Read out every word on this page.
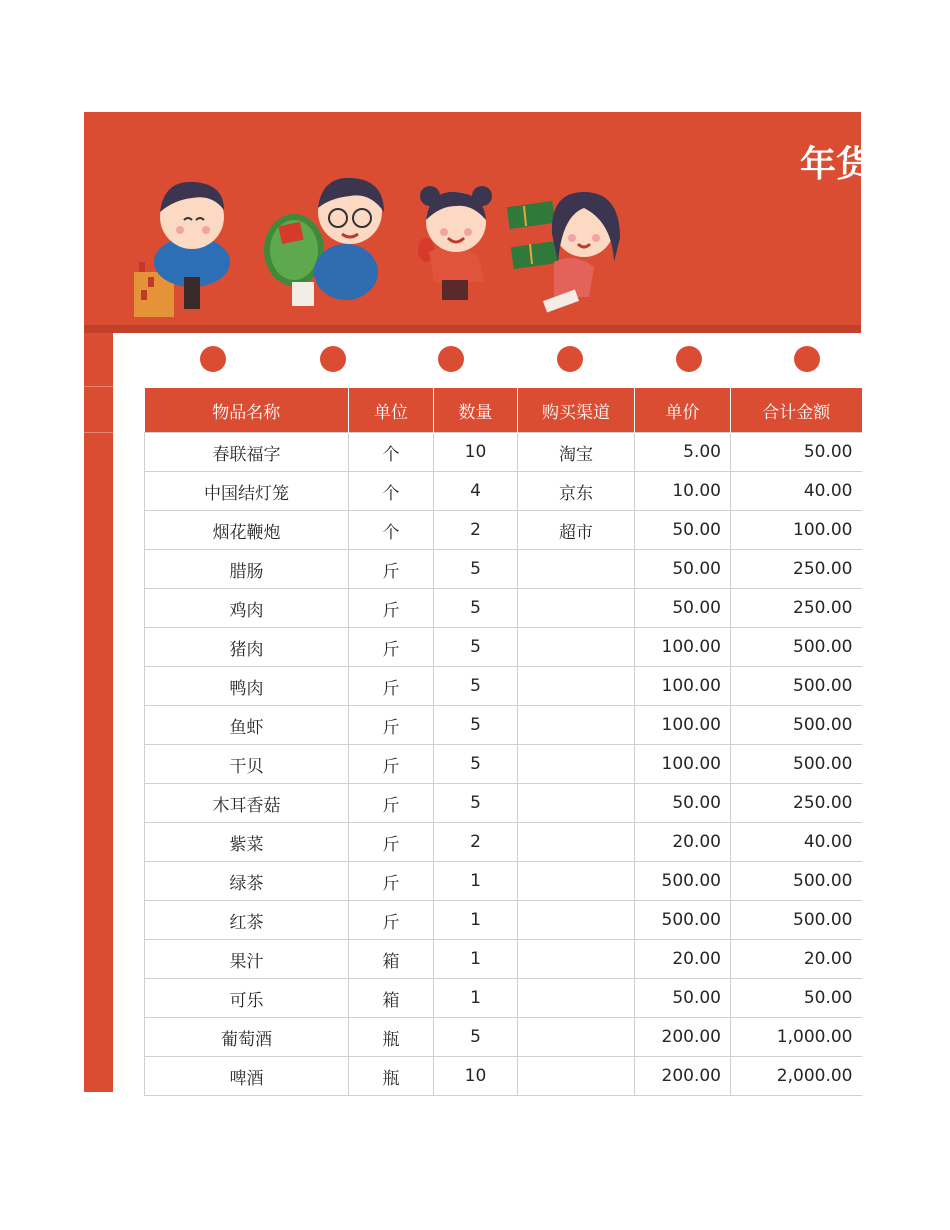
年货
物品名称	单位	数量	购买渠道	单价	合计金额
春联福字	个	10	淘宝	5.00	50.00
中国结灯笼	个	4	京东	10.00	40.00
烟花鞭炮	个	2	超市	50.00	100.00
腊肠	斤	5		50.00	250.00
鸡肉	斤	5		50.00	250.00
猪肉	斤	5		100.00	500.00
鸭肉	斤	5		100.00	500.00
鱼虾	斤	5		100.00	500.00
干贝	斤	5		100.00	500.00
木耳香菇	斤	5		50.00	250.00
紫菜	斤	2		20.00	40.00
绿茶	斤	1		500.00	500.00
红茶	斤	1		500.00	500.00
果汁	箱	1		20.00	20.00
可乐	箱	1		50.00	50.00
葡萄酒	瓶	5		200.00	1,000.00
啤酒	瓶	10		200.00	2,000.00
